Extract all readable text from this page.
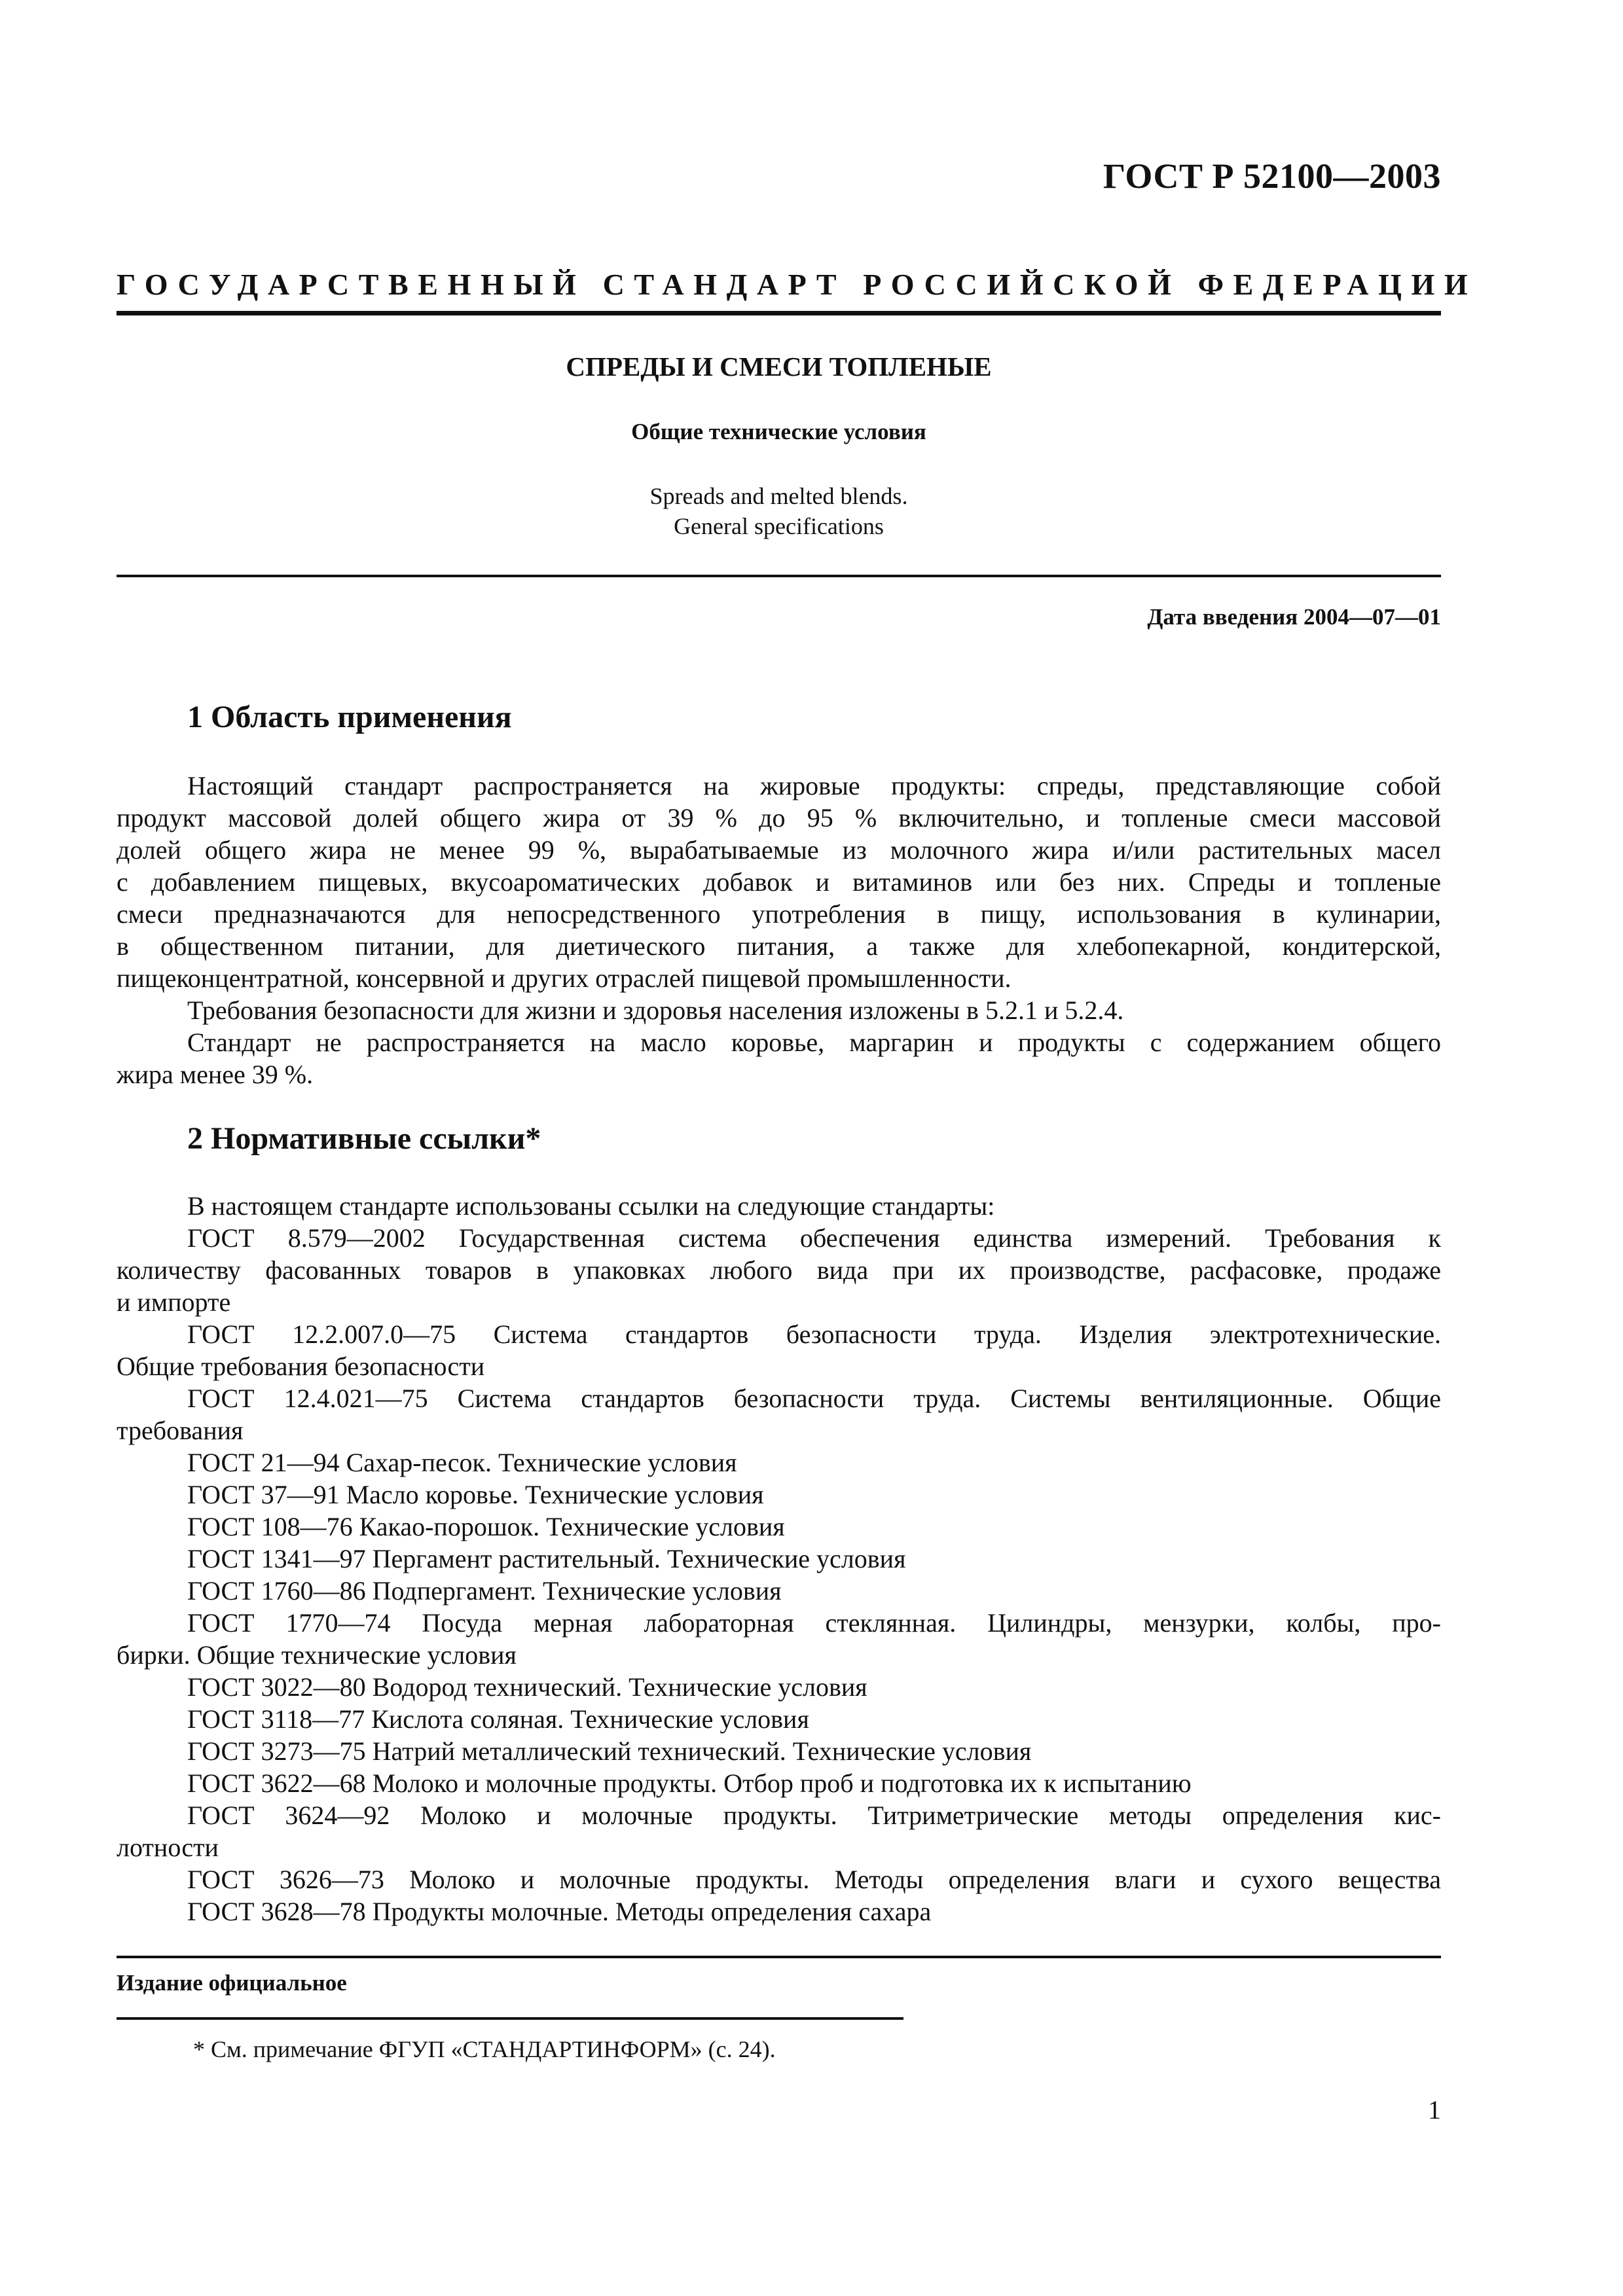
ГОСТ Р 52100—2003
ГОСУДАРСТВЕННЫЙ СТАНДАРТ РОССИЙСКОЙ ФЕДЕРАЦИИ
СПРЕДЫ И СМЕСИ ТОПЛЕНЫЕ
Общие технические условия
Spreads and melted blends.
General specifications
Дата введения 2004—07—01
1 Область применения
Настоящий стандарт распространяется на жировые продукты: спреды, представляющие собой
продукт массовой долей общего жира от 39 % до 95 % включительно, и топленые смеси массовой
долей общего жира не менее 99 %, вырабатываемые из молочного жира и/или растительных масел
с добавлением пищевых, вкусоароматических добавок и витаминов или без них. Спреды и топленые
смеси предназначаются для непосредственного употребления в пищу, использования в кулинарии,
в общественном питании, для диетического питания, а также для хлебопекарной, кондитерской,
пищеконцентратной, консервной и других отраслей пищевой промышленности.
Требования безопасности для жизни и здоровья населения изложены в 5.2.1 и 5.2.4.
Стандарт не распространяется на масло коровье, маргарин и продукты с содержанием общего
жира менее 39 %.
2 Нормативные ссылки*
В настоящем стандарте использованы ссылки на следующие стандарты:
ГОСТ 8.579—2002 Государственная система обеспечения единства измерений. Требования к
количеству фасованных товаров в упаковках любого вида при их производстве, расфасовке, продаже
и импорте
ГОСТ 12.2.007.0—75 Система стандартов безопасности труда. Изделия электротехнические.
Общие требования безопасности
ГОСТ 12.4.021—75 Система стандартов безопасности труда. Системы вентиляционные. Общие
требования
ГОСТ 21—94 Сахар-песок. Технические условия
ГОСТ 37—91 Масло коровье. Технические условия
ГОСТ 108—76 Какао-порошок. Технические условия
ГОСТ 1341—97 Пергамент растительный. Технические условия
ГОСТ 1760—86 Подпергамент. Технические условия
ГОСТ 1770—74 Посуда мерная лабораторная стеклянная. Цилиндры, мензурки, колбы, про-
бирки. Общие технические условия
ГОСТ 3022—80 Водород технический. Технические условия
ГОСТ 3118—77 Кислота соляная. Технические условия
ГОСТ 3273—75 Натрий металлический технический. Технические условия
ГОСТ 3622—68 Молоко и молочные продукты. Отбор проб и подготовка их к испытанию
ГОСТ 3624—92 Молоко и молочные продукты. Титриметрические методы определения кис-
лотности
ГОСТ 3626—73 Молоко и молочные продукты. Методы определения влаги и сухого вещества
ГОСТ 3628—78 Продукты молочные. Методы определения сахара
Издание официальное
* См. примечание ФГУП «СТАНДАРТИНФОРМ» (с. 24).
1
